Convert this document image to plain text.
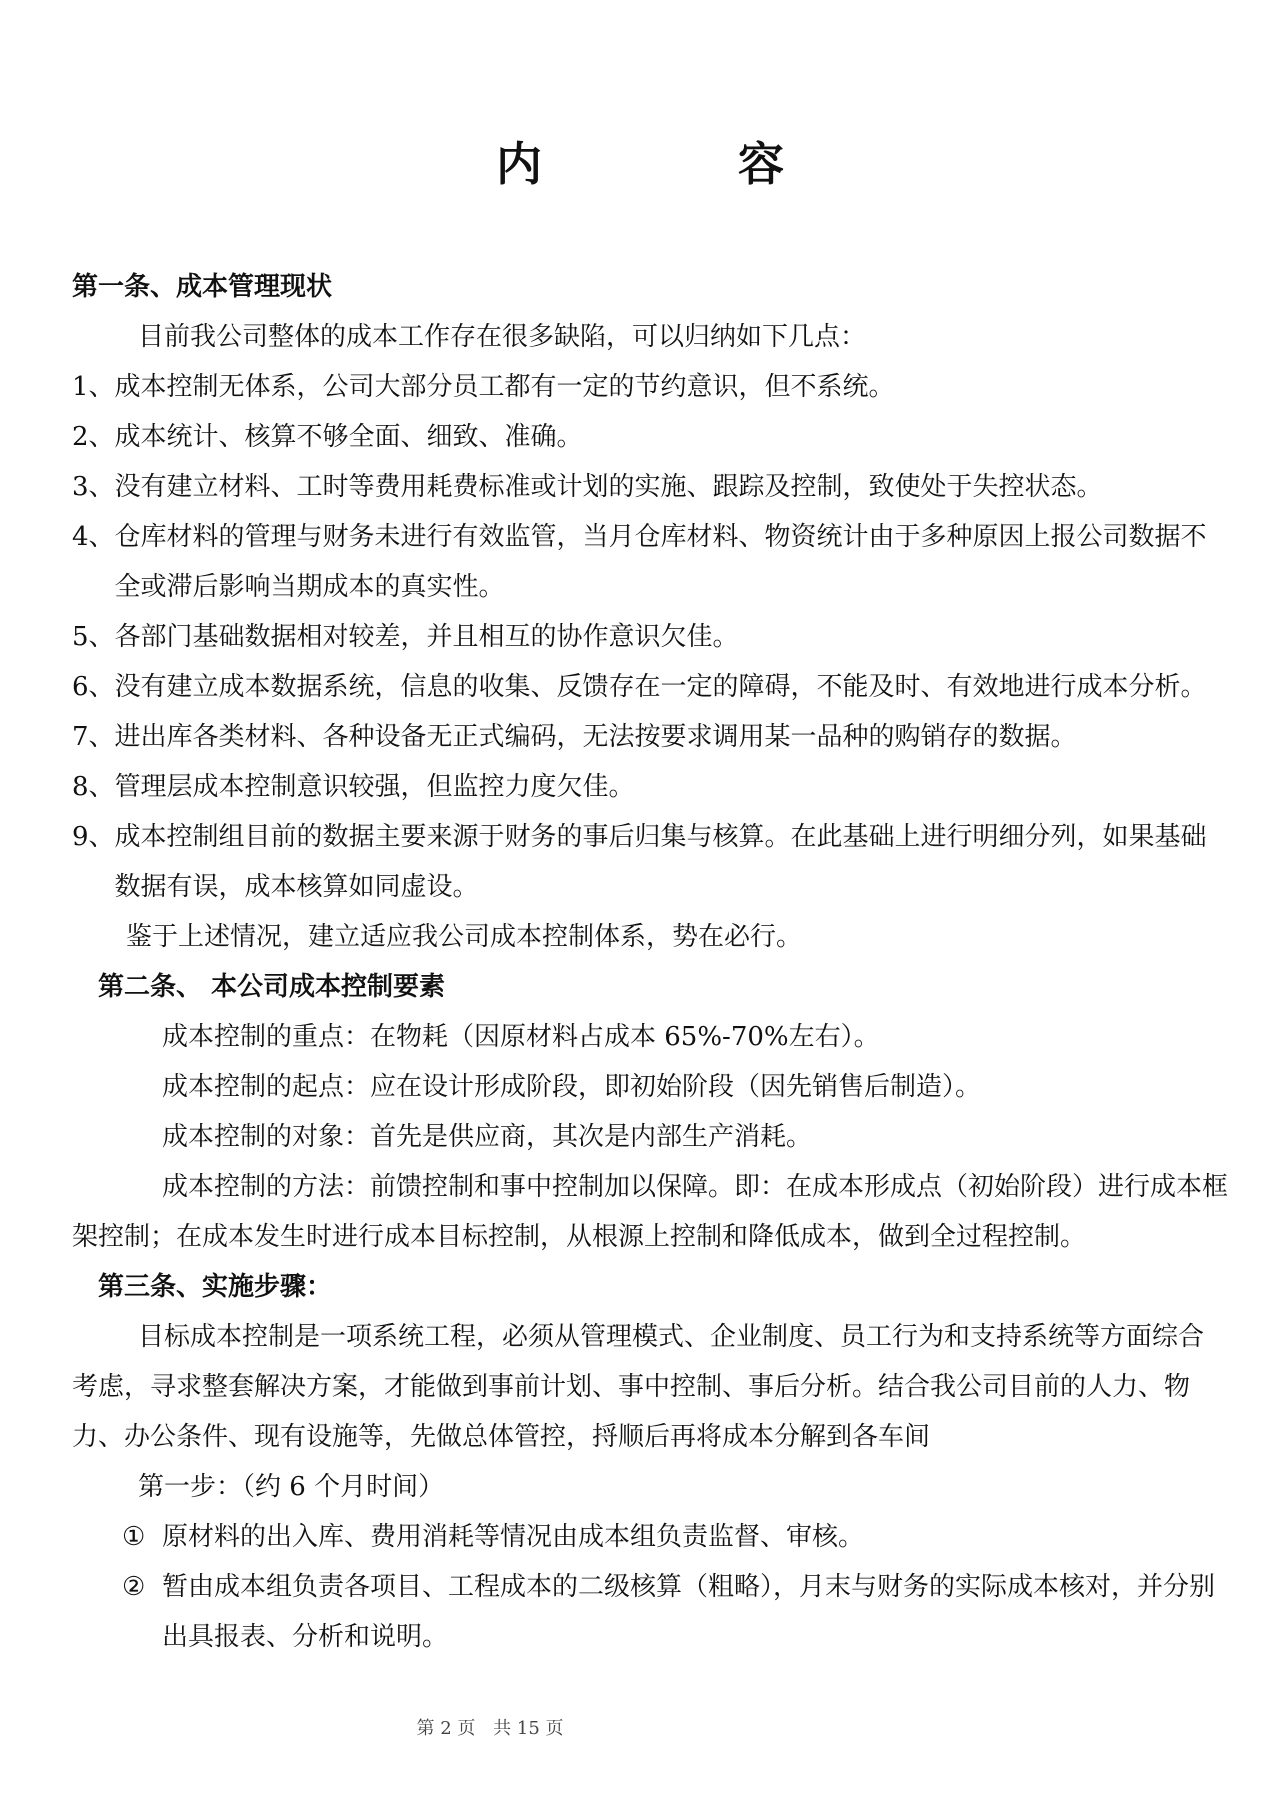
内 容
第一条、成本管理现状
目前我公司整体的成本工作存在很多缺陷，可以归纳如下几点：
1、 成本控制无体系，公司大部分员工都有一定的节约意识，但不系统。
2、 成本统计、核算不够全面、细致、准确。
3、 没有建立材料、工时等费用耗费标准或计划的实施、跟踪及控制，致使处于失控状态。
4、 仓库材料的管理与财务未进行有效监管，当月仓库材料、物资统计由于多种原因上报公司数据不全或滞后影响当期成本的真实性。
5、 各部门基础数据相对较差，并且相互的协作意识欠佳。
6、 没有建立成本数据系统，信息的收集、反馈存在一定的障碍，不能及时、有效地进行成本分析。
7、 进出库各类材料、各种设备无正式编码，无法按要求调用某一品种的购销存的数据。
8、 管理层成本控制意识较强，但监控力度欠佳。
9、 成本控制组目前的数据主要来源于财务的事后归集与核算。在此基础上进行明细分列，如果基础数据有误，成本核算如同虚设。
鉴于上述情况，建立适应我公司成本控制体系，势在必行。
第二条、 本公司成本控制要素
成本控制的重点：在物耗（因原材料占成本 65%-70%左右）。
成本控制的起点：应在设计形成阶段，即初始阶段（因先销售后制造）。
成本控制的对象：首先是供应商，其次是内部生产消耗。
成本控制的方法：前馈控制和事中控制加以保障。即：在成本形成点（初始阶段）进行成本框架控制；在成本发生时进行成本目标控制，从根源上控制和降低成本，做到全过程控制。
第三条、实施步骤：
目标成本控制是一项系统工程，必须从管理模式、企业制度、员工行为和支持系统等方面综合考虑，寻求整套解决方案，才能做到事前计划、事中控制、事后分析。结合我公司目前的人力、物力、办公条件、现有设施等，先做总体管控，捋顺后再将成本分解到各车间
第一步：（约 6 个月时间）
① 原材料的出入库、费用消耗等情况由成本组负责监督、审核。
② 暂由成本组负责各项目、工程成本的二级核算（粗略），月末与财务的实际成本核对，并分别出具报表、分析和说明。
第 2 页 共 15 页
